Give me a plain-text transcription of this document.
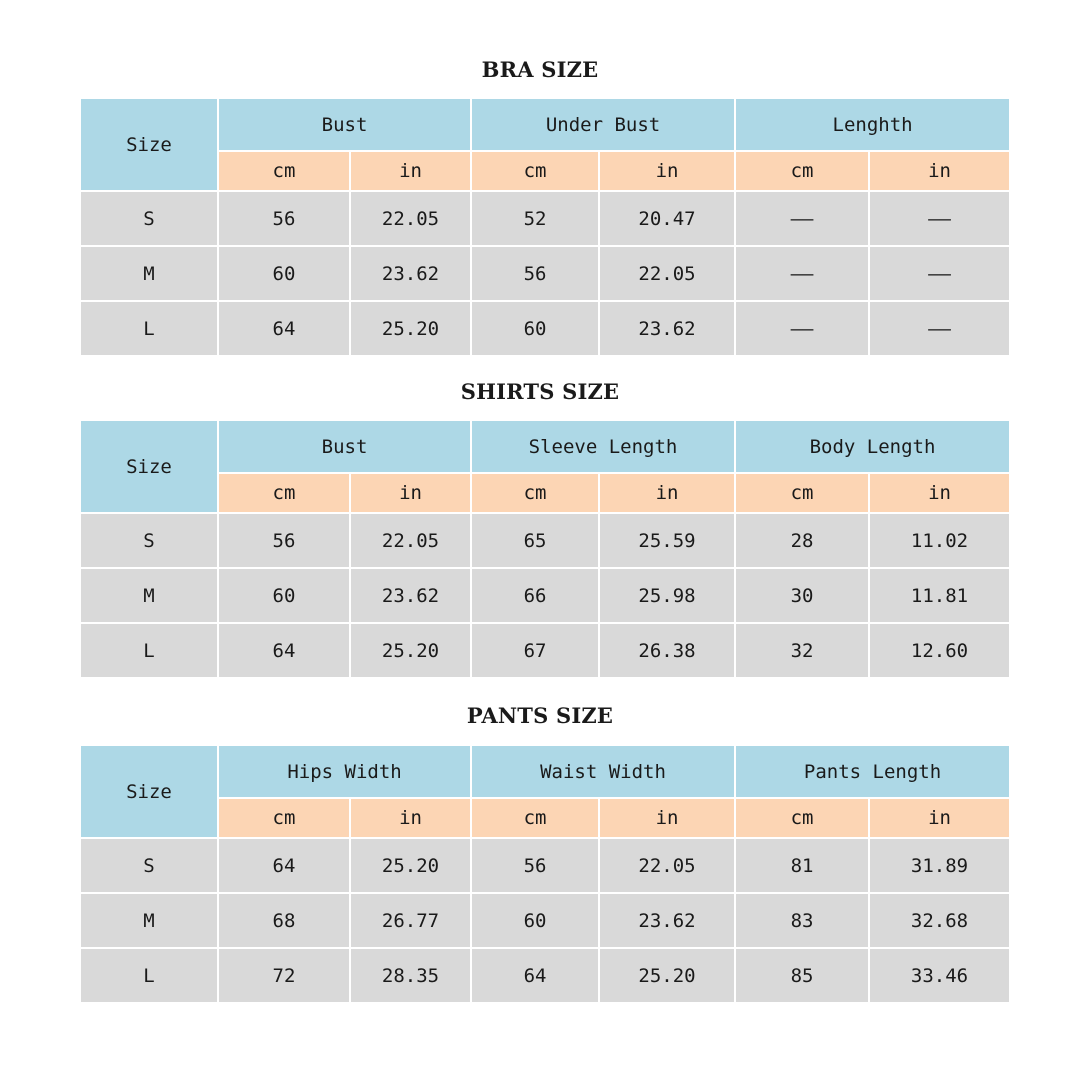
BRA SIZE
Size	Bust		Under Bust		Lenghth	
	cm	in	cm	in	cm	in
S	56	22.05	52	20.47	——	——
M	60	23.62	56	22.05	——	——
L	64	25.20	60	23.62	——	——
SHIRTS SIZE
Size	Bust		Sleeve Length		Body Length	
	cm	in	cm	in	cm	in
S	56	22.05	65	25.59	28	11.02
M	60	23.62	66	25.98	30	11.81
L	64	25.20	67	26.38	32	12.60
PANTS SIZE
Size	Hips Width		Waist Width		Pants Length	
	cm	in	cm	in	cm	in
S	64	25.20	56	22.05	81	31.89
M	68	26.77	60	23.62	83	32.68
L	72	28.35	64	25.20	85	33.46
